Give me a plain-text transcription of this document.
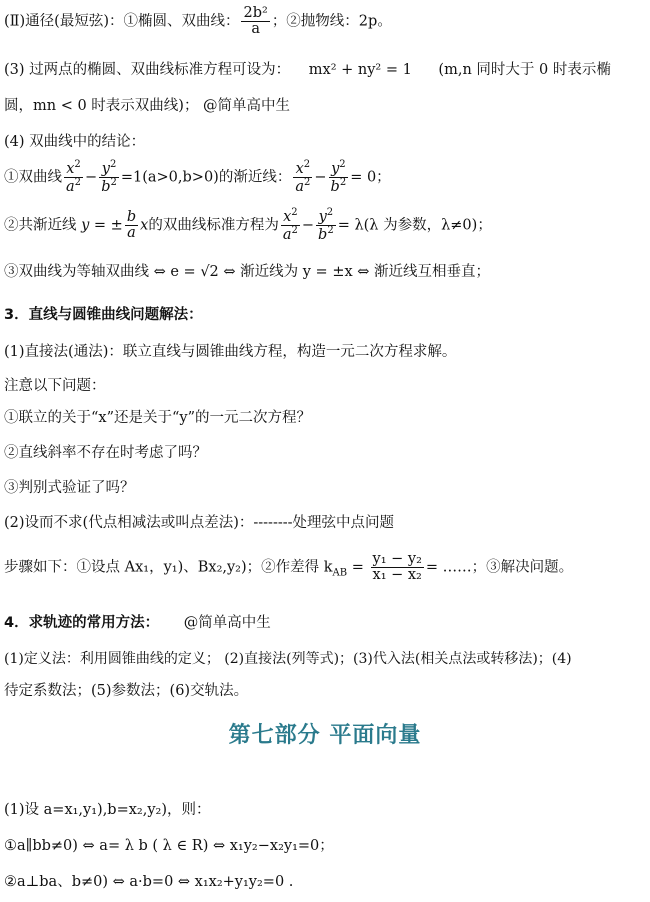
(Ⅱ)通径(最短弦)：①椭圆、双曲线： $\frac{\text{2b²}}{a}$ ；②抛物线：2p。
(3) 过两点的椭圆、双曲线标准方程可设为： mx² + ny² = 1 (m,n 同时大于 0 时表示椭
圆，mn < 0 时表示双曲线)； @简单高中生
(4) 双曲线中的结论：
①双曲线 $\frac{x^2}{a^2} - \frac{y^2}{b^2} =1(a>0,b>0)$的渐近线： $\frac{x^2}{a^2} - \frac{y^2}{b^2} = 0$；
②共渐近线 y = ± $\frac{b}{a}$ x的双曲线标准方程为 $\frac{x^2}{a^2} - \frac{y^2}{b^2} = \lambda(\lambda$ 为参数，λ≠0)；
③双曲线为等轴双曲线 ⇔ e = √2 ⇔ 渐近线为 y = ±x ⇔ 渐近线互相垂直；
3．直线与圆锥曲线问题解法：
(1)直接法(通法)：联立直线与圆锥曲线方程，构造一元二次方程求解。
注意以下问题：
①联立的关于“x”还是关于“y”的一元二次方程？
②直线斜率不存在时考虑了吗？
③判别式验证了吗？
(2)设而不求(代点相减法或叫点差法)：--------处理弦中点问题
步骤如下：①设点 Ax₁，y₁)、Bx₂,y₂)；②作差得 $k_{AB} = \frac{\text{y₁ − y₂}}{\text{x₁ − x₂}}$ = ……；③解决问题。
4．求轨迹的常用方法： @简单高中生
(1)定义法：利用圆锥曲线的定义； (2)直接法(列等式)；(3)代入法(相关点法或转移法)；(4)
待定系数法；(5)参数法；(6)交轨法。
第七部分 平面向量
(1)设 a=x₁,y₁),b=x₂,y₂)，则：
①a∥bb≠0) ⇔ a= λ b ( λ ∈ R) ⇔ x₁y₂−x₂y₁=0；
②a⊥ba、b≠0) ⇔ a·b=0 ⇔ x₁x₂+y₁y₂=0 .
